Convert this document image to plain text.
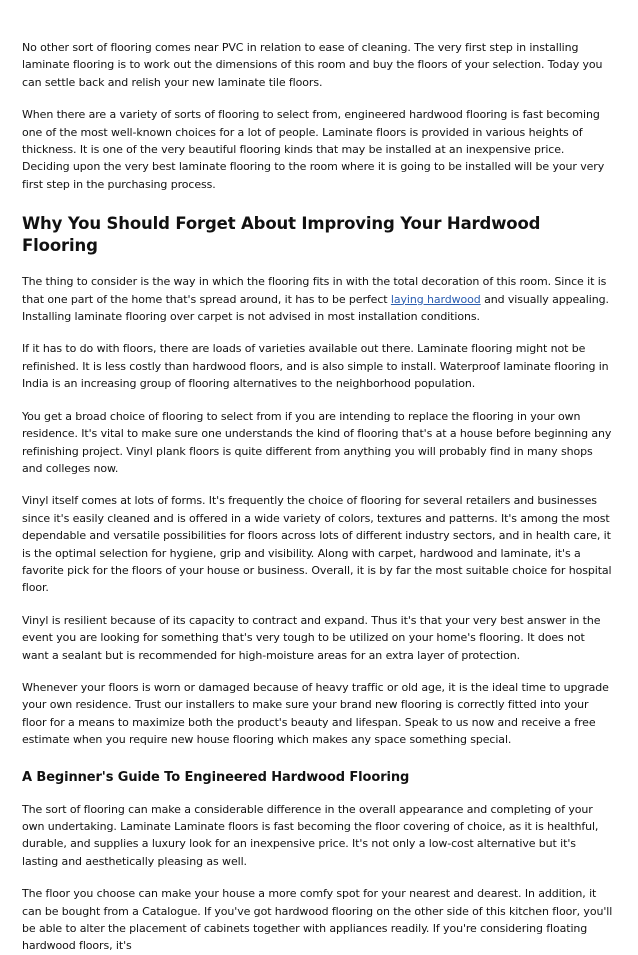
No other sort of flooring comes near PVC in relation to ease of cleaning. The very first step in installing laminate flooring is to work out the dimensions of this room and buy the floors of your selection. Today you can settle back and relish your new laminate tile floors.

When there are a variety of sorts of flooring to select from, engineered hardwood flooring is fast becoming one of the most well-known choices for a lot of people. Laminate floors is provided in various heights of thickness. It is one of the very beautiful flooring kinds that may be installed at an inexpensive price. Deciding upon the very best laminate flooring to the room where it is going to be installed will be your very first step in the purchasing process.

Why You Should Forget About Improving Your Hardwood Flooring

The thing to consider is the way in which the flooring fits in with the total decoration of this room. Since it is that one part of the home that's spread around, it has to be perfect laying hardwood and visually appealing. Installing laminate flooring over carpet is not advised in most installation conditions.

If it has to do with floors, there are loads of varieties available out there. Laminate flooring might not be refinished. It is less costly than hardwood floors, and is also simple to install. Waterproof laminate flooring in India is an increasing group of flooring alternatives to the neighborhood population.

You get a broad choice of flooring to select from if you are intending to replace the flooring in your own residence. It's vital to make sure one understands the kind of flooring that's at a house before beginning any refinishing project. Vinyl plank floors is quite different from anything you will probably find in many shops and colleges now.

Vinyl itself comes at lots of forms. It's frequently the choice of flooring for several retailers and businesses since it's easily cleaned and is offered in a wide variety of colors, textures and patterns. It's among the most dependable and versatile possibilities for floors across lots of different industry sectors, and in health care, it is the optimal selection for hygiene, grip and visibility. Along with carpet, hardwood and laminate, it's a favorite pick for the floors of your house or business. Overall, it is by far the most suitable choice for hospital floor.

Vinyl is resilient because of its capacity to contract and expand. Thus it's that your very best answer in the event you are looking for something that's very tough to be utilized on your home's flooring. It does not want a sealant but is recommended for high-moisture areas for an extra layer of protection.

Whenever your floors is worn or damaged because of heavy traffic or old age, it is the ideal time to upgrade your own residence. Trust our installers to make sure your brand new flooring is correctly fitted into your floor for a means to maximize both the product's beauty and lifespan. Speak to us now and receive a free estimate when you require new house flooring which makes any space something special.

A Beginner's Guide To Engineered Hardwood Flooring

The sort of flooring can make a considerable difference in the overall appearance and completing of your own undertaking. Laminate Laminate floors is fast becoming the floor covering of choice, as it is healthful, durable, and supplies a luxury look for an inexpensive price. It's not only a low-cost alternative but it's lasting and aesthetically pleasing as well.

The floor you choose can make your house a more comfy spot for your nearest and dearest. In addition, it can be bought from a Catalogue. If you've got hardwood flooring on the other side of this kitchen floor, you'll be able to alter the placement of cabinets together with appliances readily. If you're considering floating hardwood floors, it's
